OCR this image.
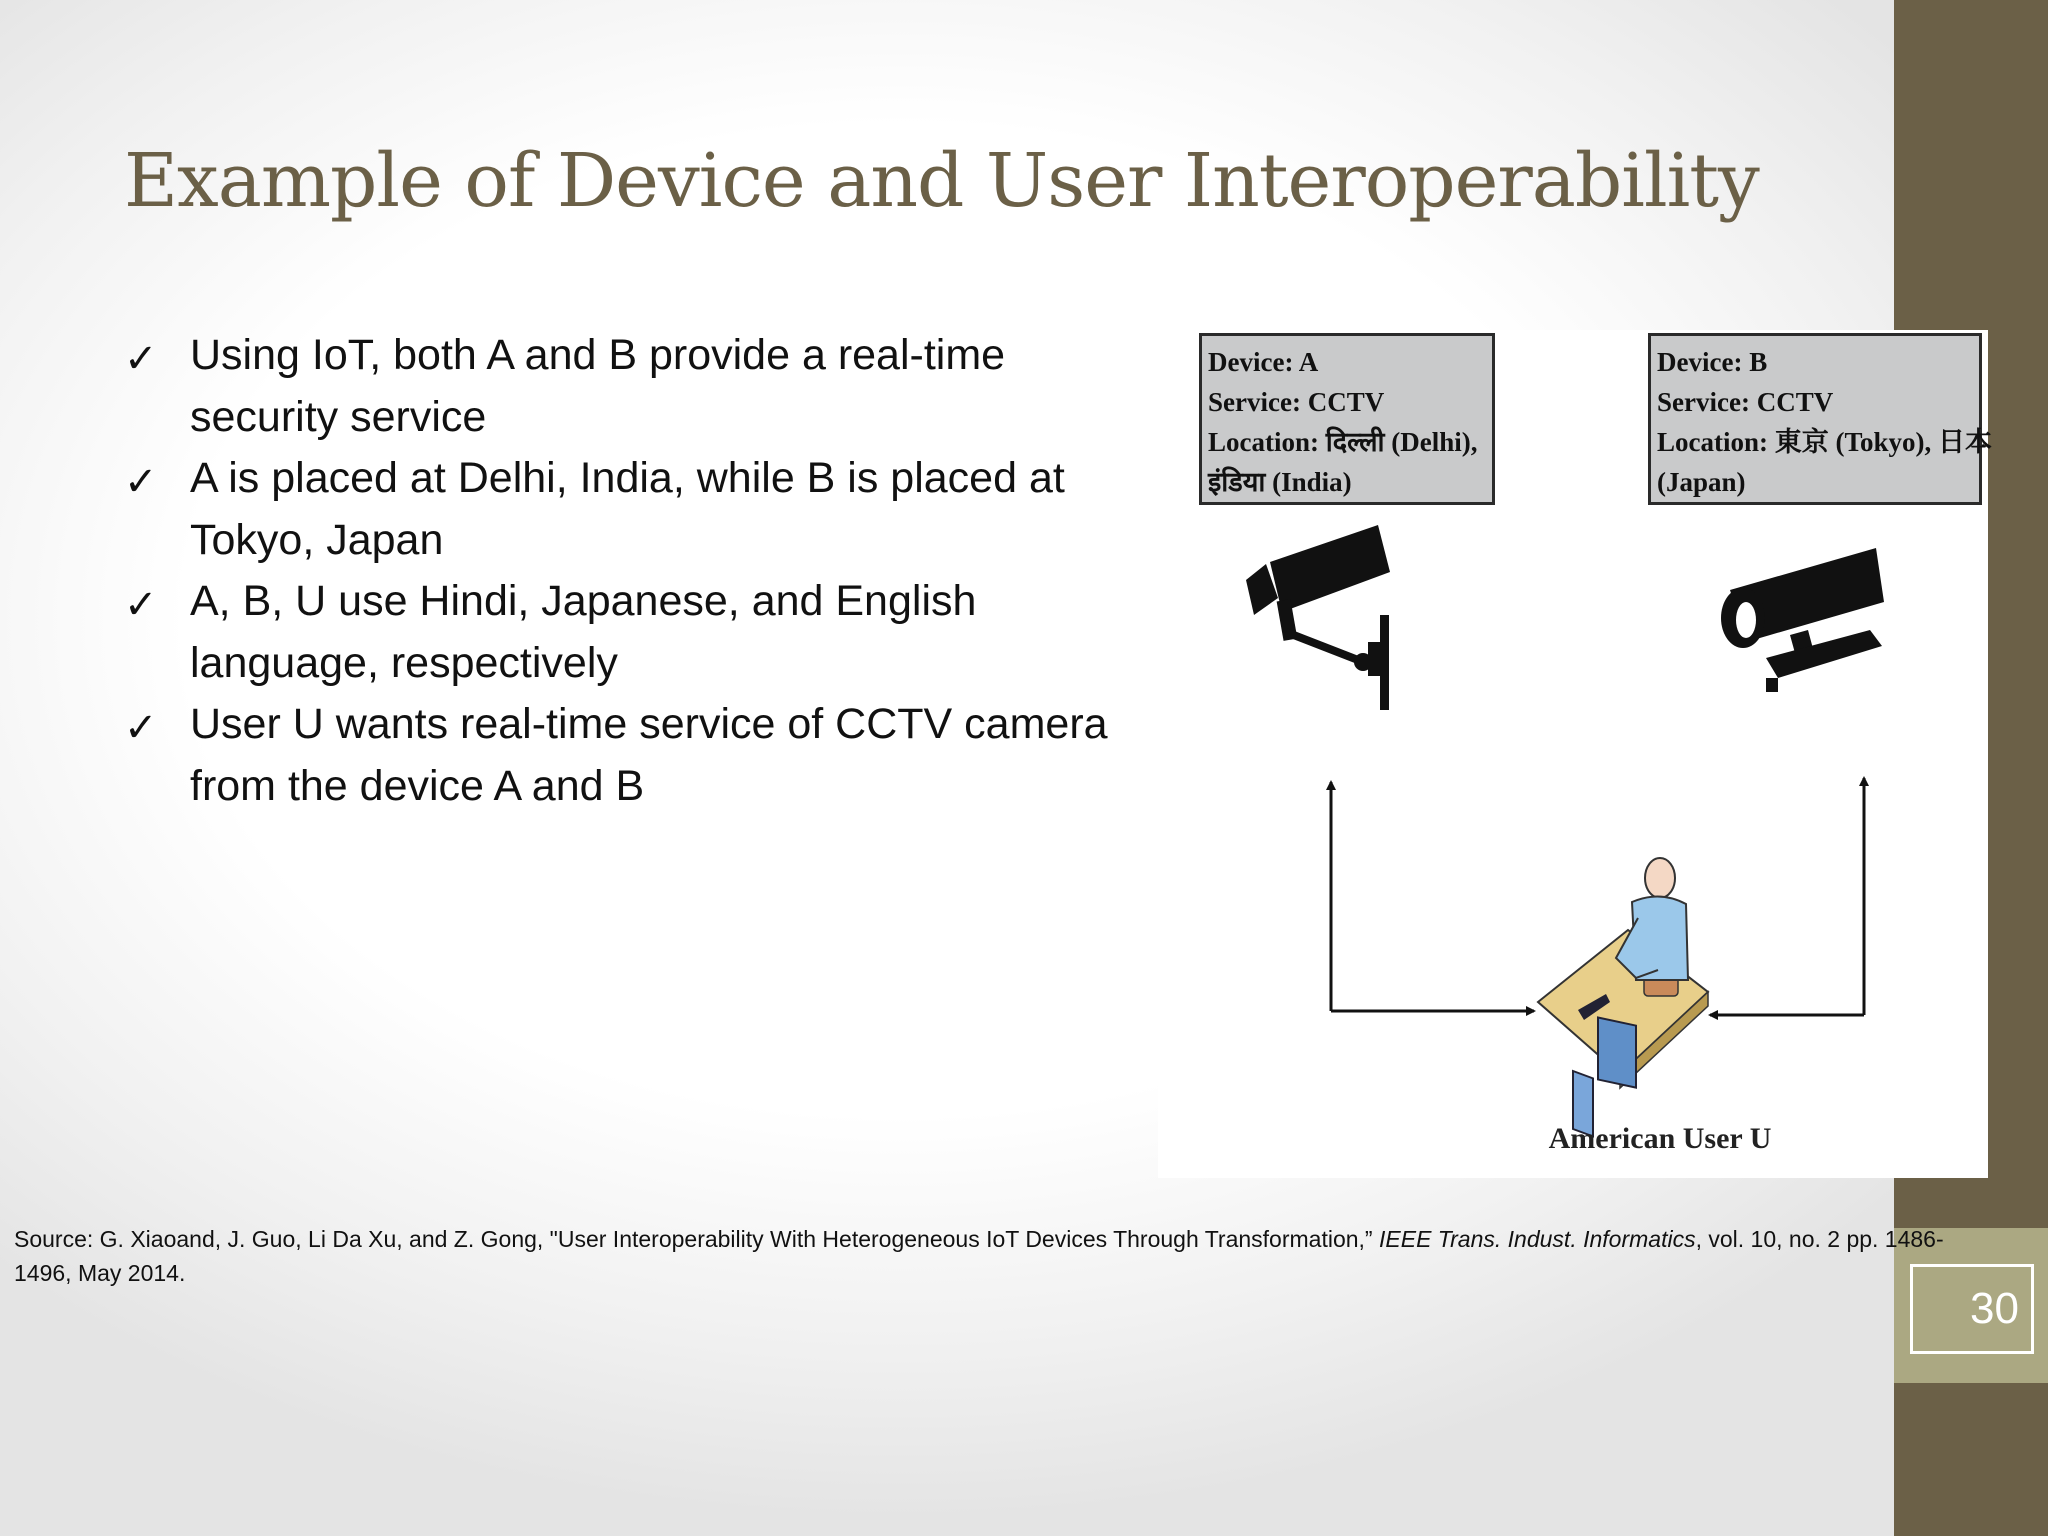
30
Example of Device and User Interoperability
✓ Using IoT, both A and B provide a real-time security service
✓ A is placed at Delhi, India, while B is placed at Tokyo, Japan
✓ A, B, U use Hindi, Japanese, and English language, respectively
✓ User U wants real-time service of CCTV camera from the device A and B

Device: A

Service: CCTV

Location: दिल्ली (Delhi),

इंडिया (India)

Device: B

Service: CCTV

Location: 東京 (Tokyo), 日本

(Japan)

American User U

Source: G. Xiaoand, J. Guo, Li Da Xu, and Z. Gong, "User Interoperability With Heterogeneous IoT Devices Through Transformation,” IEEE Trans. Indust. Informatics, vol. 10, no. 2 pp. 1486-1496, May 2014.
